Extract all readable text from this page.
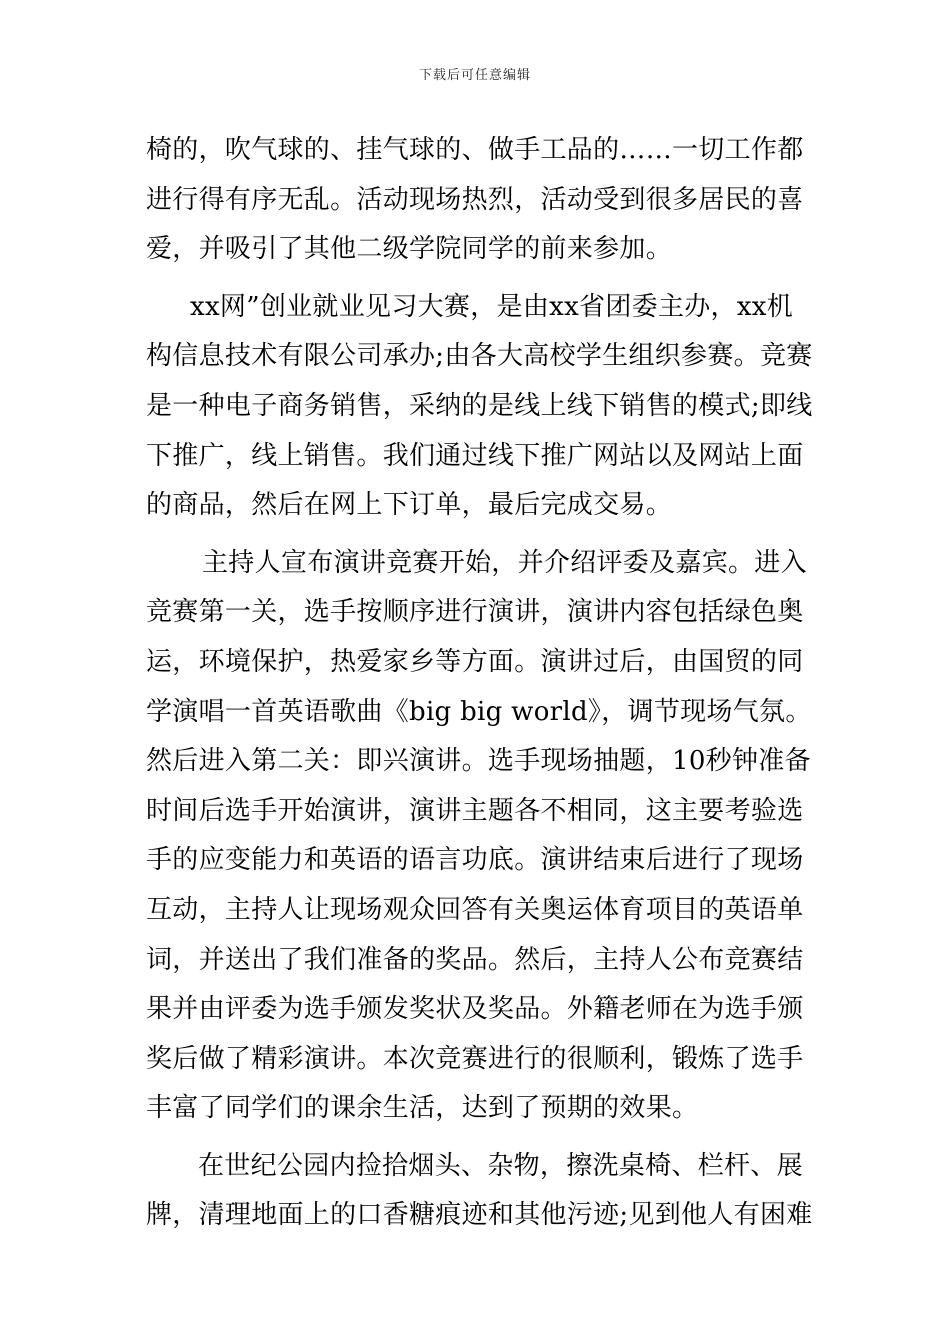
下载后可任意编辑
椅的，吹气球的、挂气球的、做手工品的……一切工作都
进行得有序无乱。活动现场热烈，活动受到很多居民的喜
爱，并吸引了其他二级学院同学的前来参加。
xx网”创业就业见习大赛，是由xx省团委主办，xx机
构信息技术有限公司承办;由各大高校学生组织参赛。竞赛
是一种电子商务销售，采纳的是线上线下销售的模式;即线
下推广，线上销售。我们通过线下推广网站以及网站上面
的商品，然后在网上下订单，最后完成交易。
主持人宣布演讲竞赛开始，并介绍评委及嘉宾。进入
竞赛第一关，选手按顺序进行演讲，演讲内容包括绿色奥
运，环境保护，热爱家乡等方面。演讲过后，由国贸的同
学演唱一首英语歌曲《big big world》，调节现场气氛。
然后进入第二关：即兴演讲。选手现场抽题，10秒钟准备
时间后选手开始演讲，演讲主题各不相同，这主要考验选
手的应变能力和英语的语言功底。演讲结束后进行了现场
互动，主持人让现场观众回答有关奥运体育项目的英语单
词，并送出了我们准备的奖品。然后，主持人公布竞赛结
果并由评委为选手颁发奖状及奖品。外籍老师在为选手颁
奖后做了精彩演讲。本次竞赛进行的很顺利，锻炼了选手
丰富了同学们的课余生活，达到了预期的效果。
在世纪公园内捡拾烟头、杂物，擦洗桌椅、栏杆、展
牌，清理地面上的口香糖痕迹和其他污迹;见到他人有困难
